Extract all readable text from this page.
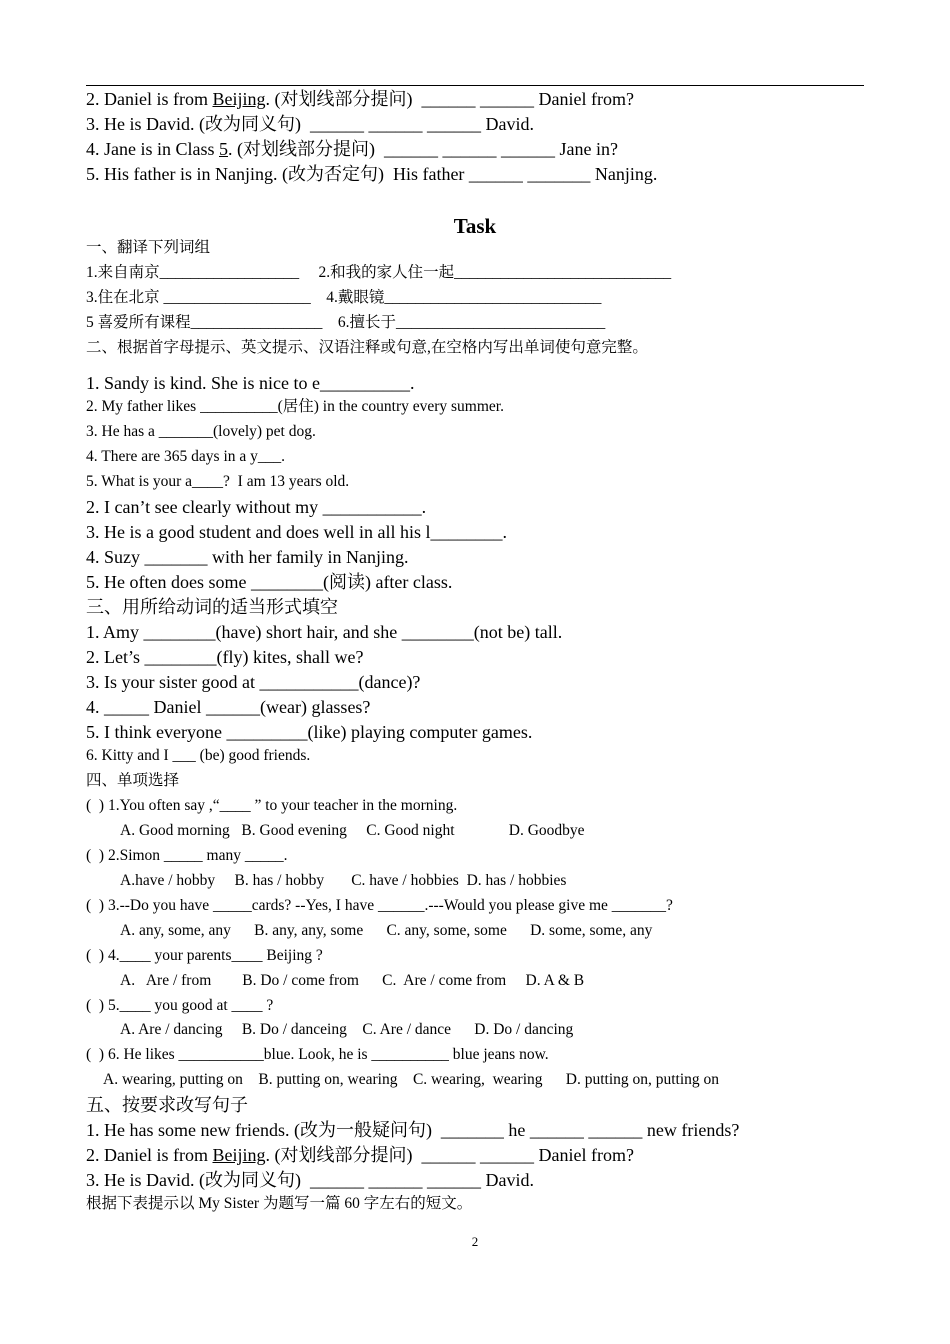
2. Daniel is from Beijing. (对划线部分提问)  ______ ______ Daniel from?
3. He is David. (改为同义句)  ______ ______ ______ David.
4. Jane is in Class 5. (对划线部分提问)  ______ ______ ______ Jane in?
5. His father is in Nanjing. (改为否定句)  His father ______ _______ Nanjing.
Task
一、翻译下列词组
1.来自南京__________________     2.和我的家人住一起____________________________
3.住在北京 ___________________    4.戴眼镜____________________________
5 喜爱所有课程_________________    6.擅长于___________________________
二、根据首字母提示、英文提示、汉语注释或句意,在空格内写出单词使句意完整。
1. Sandy is kind. She is nice to e__________.
2. My father likes __________(居住) in the country every summer.
3. He has a _______(lovely) pet dog.
4. There are 365 days in a y___.
5. What is your a____?  I am 13 years old.
2. I can’t see clearly without my ___________.
3. He is a good student and does well in all his l________.
4. Suzy _______ with her family in Nanjing.
5. He often does some ________(阅读) after class.
三、用所给动词的适当形式填空
1. Amy ________(have) short hair, and she ________(not be) tall.
2. Let’s ________(fly) kites, shall we?
3. Is your sister good at ___________(dance)?
4. _____ Daniel ______(wear) glasses?
5. I think everyone _________(like) playing computer games.
6. Kitty and I ___ (be) good friends.
四、单项选择
(  ) 1.You often say ,“____ ” to your teacher in the morning.
A. Good morning   B. Good evening     C. Good night              D. Goodbye
(  ) 2.Simon _____ many _____.
A.have / hobby     B. has / hobby       C. have / hobbies  D. has / hobbies
(  ) 3.--Do you have _____cards? --Yes, I have ______.---Would you please give me _______?
A. any, some, any      B. any, any, some      C. any, some, some      D. some, some, any
(  ) 4.____ your parents____ Beijing ?
A.   Are / from        B. Do / come from      C.  Are / come from     D. A & B
(  ) 5.____ you good at ____ ?
A. Are / dancing     B. Do / danceing    C. Are / dance      D. Do / dancing
(  ) 6. He likes ___________blue. Look, he is __________ blue jeans now.
A. wearing, putting on    B. putting on, wearing    C. wearing,  wearing      D. putting on, putting on
五、按要求改写句子
1. He has some new friends. (改为一般疑问句)  _______ he ______ ______ new friends?
2. Daniel is from Beijing. (对划线部分提问)  ______ ______ Daniel from?
3. He is David. (改为同义句)  ______ ______ ______ David.
根据下表提示以 My Sister 为题写一篇 60 字左右的短文。
2
